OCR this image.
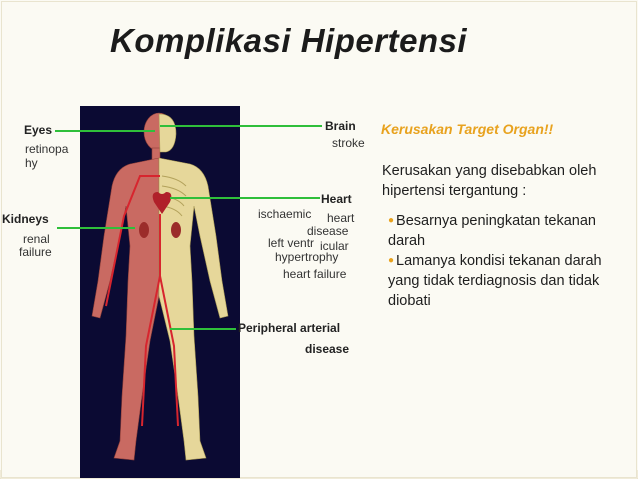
Komplikasi Hipertensi
Eyes
retinopa
hy
Kidneys
renal
failure
Brain
stroke
Heart
ischaemic heart
disease
left ventr icular
hypertrophy
heart failure
Peripheral arterial
disease
Kerusakan Target Organ!!
Kerusakan yang disebabkan oleh hipertensi tergantung :
● Besarnya peningkatan tekanan darah
● Lamanya kondisi tekanan darah yang tidak terdiagnosis dan tidak diobati
